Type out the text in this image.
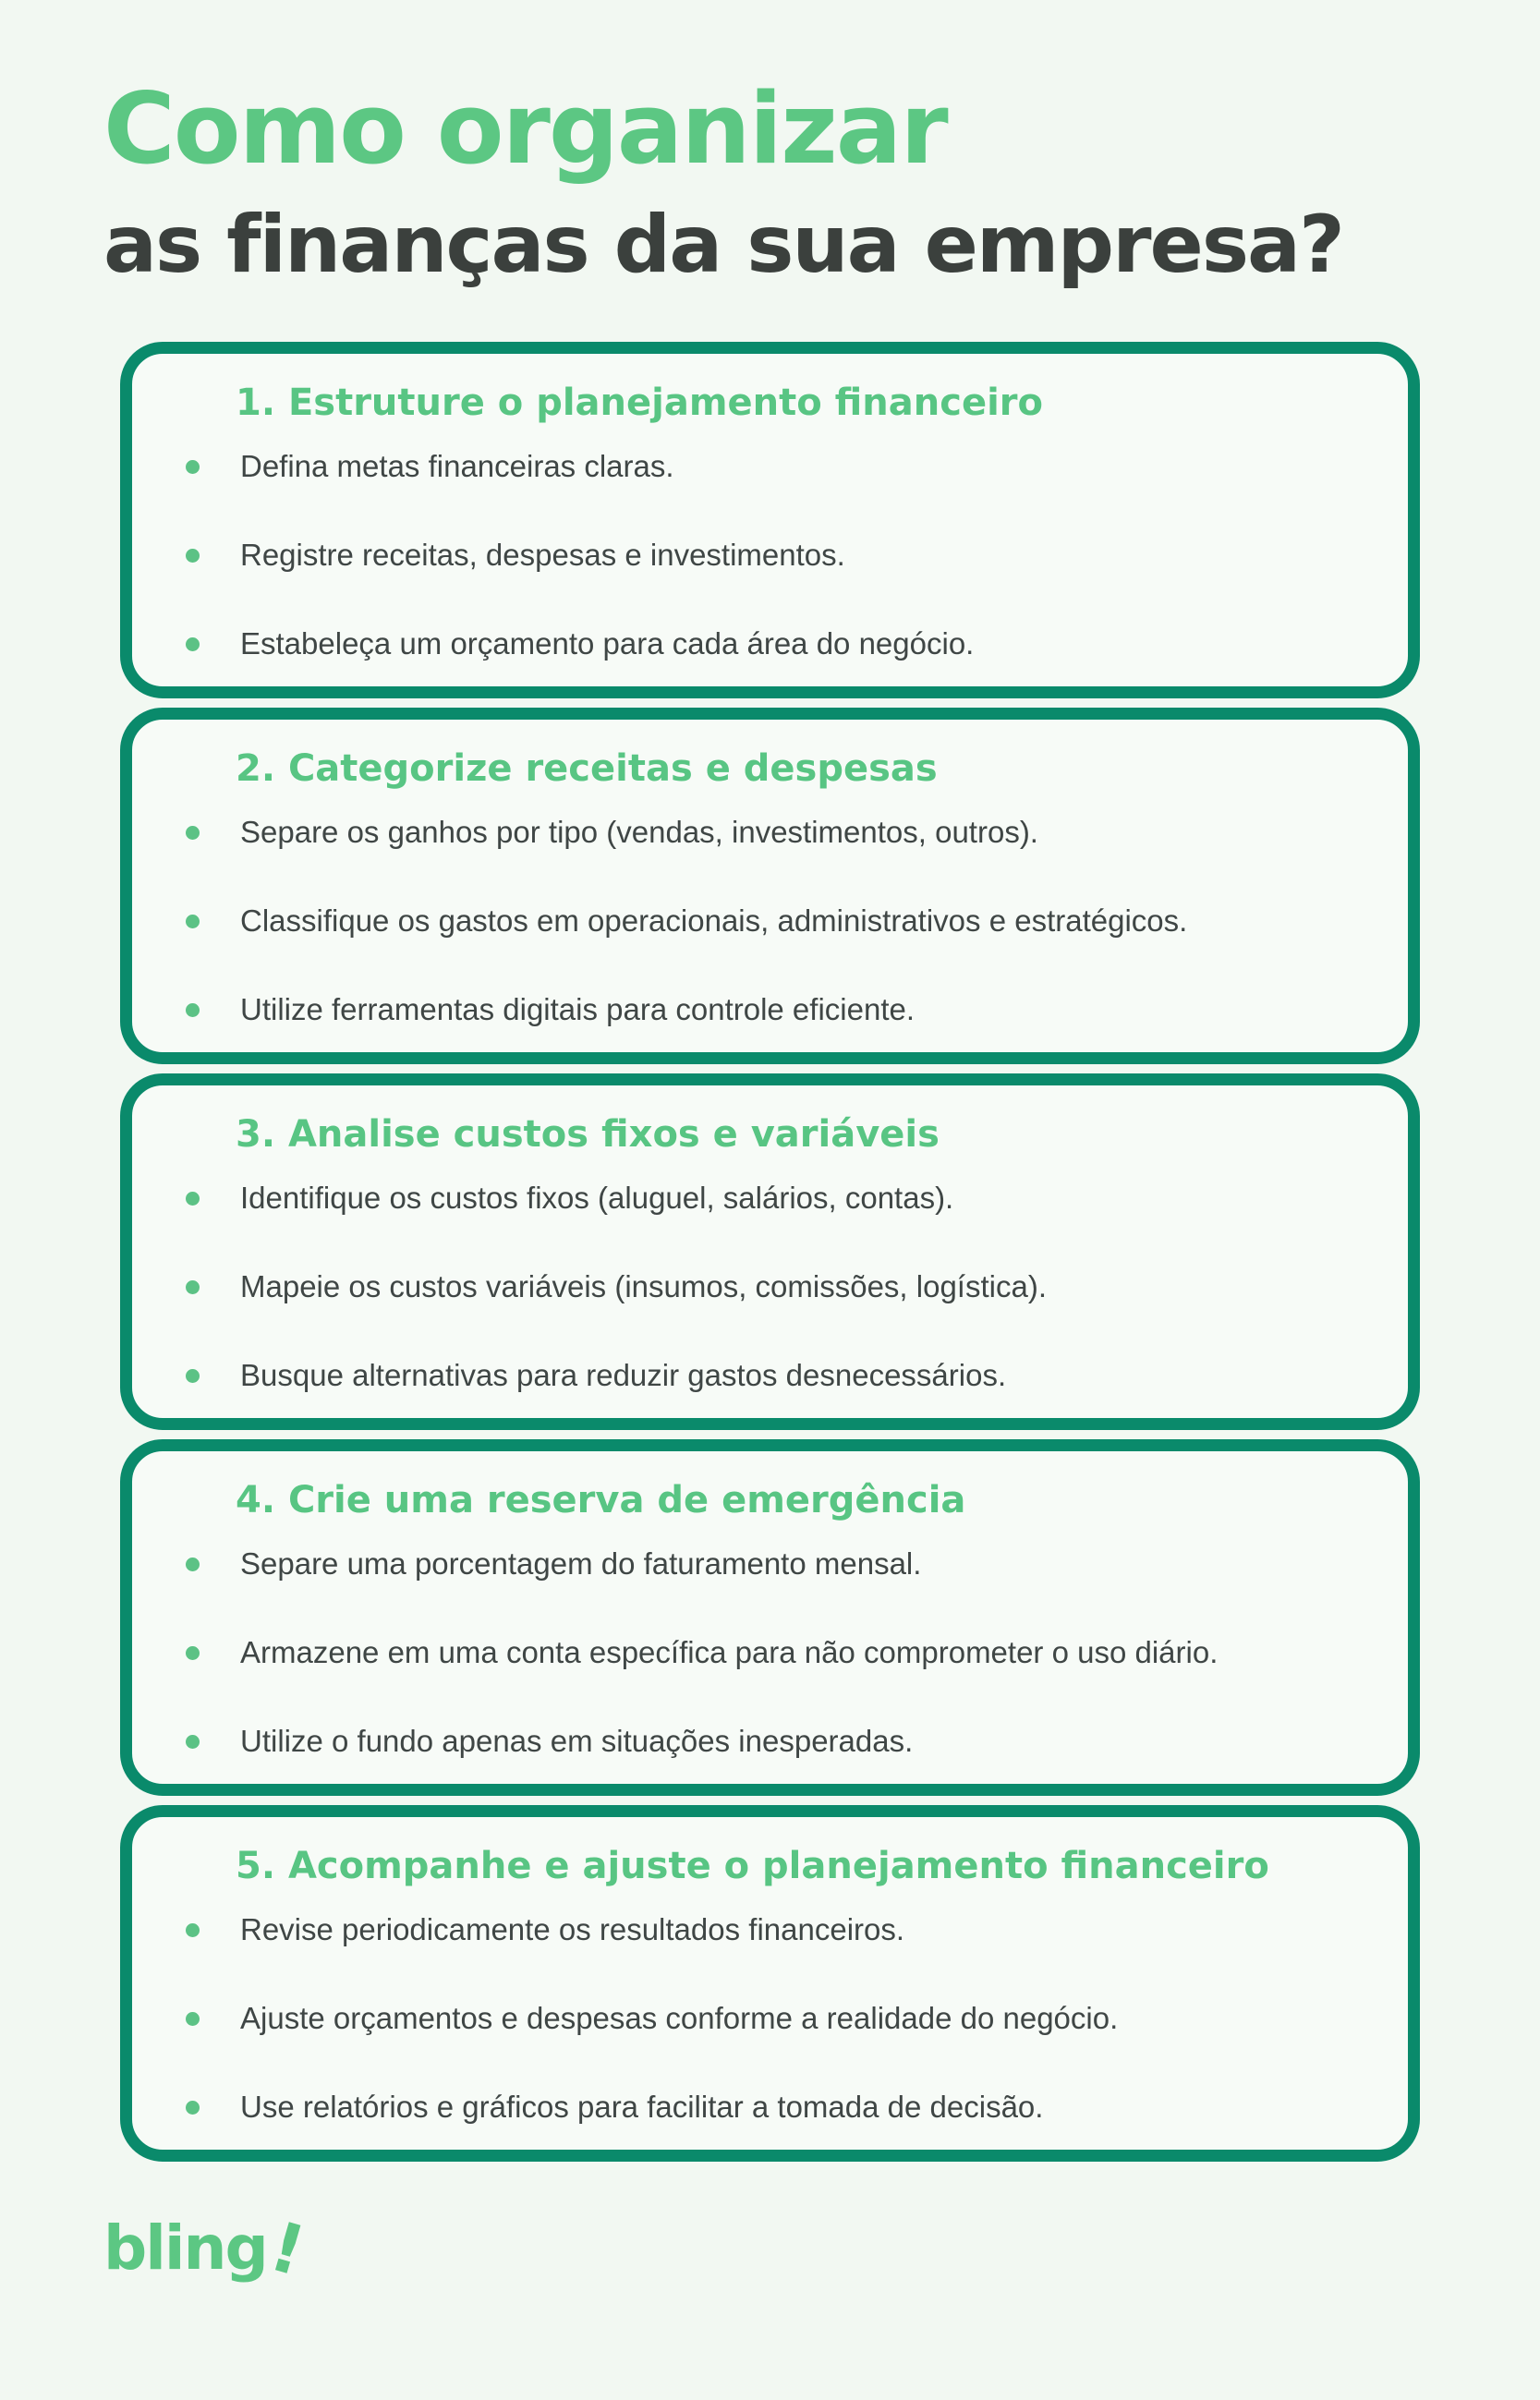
Como organizar
as finanças da sua empresa?
1. Estruture o planejamento financeiro
Defina metas financeiras claras.
Registre receitas, despesas e investimentos.
Estabeleça um orçamento para cada área do negócio.
2. Categorize receitas e despesas
Separe os ganhos por tipo (vendas, investimentos, outros).
Classifique os gastos em operacionais, administrativos e estratégicos.
Utilize ferramentas digitais para controle eficiente.
3. Analise custos fixos e variáveis
Identifique os custos fixos (aluguel, salários, contas).
Mapeie os custos variáveis (insumos, comissões, logística).
Busque alternativas para reduzir gastos desnecessários.
4. Crie uma reserva de emergência
Separe uma porcentagem do faturamento mensal.
Armazene em uma conta específica para não comprometer o uso diário.
Utilize o fundo apenas em situações inesperadas.
5. Acompanhe e ajuste o planejamento financeiro
Revise periodicamente os resultados financeiros.
Ajuste orçamentos e despesas conforme a realidade do negócio.
Use relatórios e gráficos para facilitar a tomada de decisão.
bling
!
